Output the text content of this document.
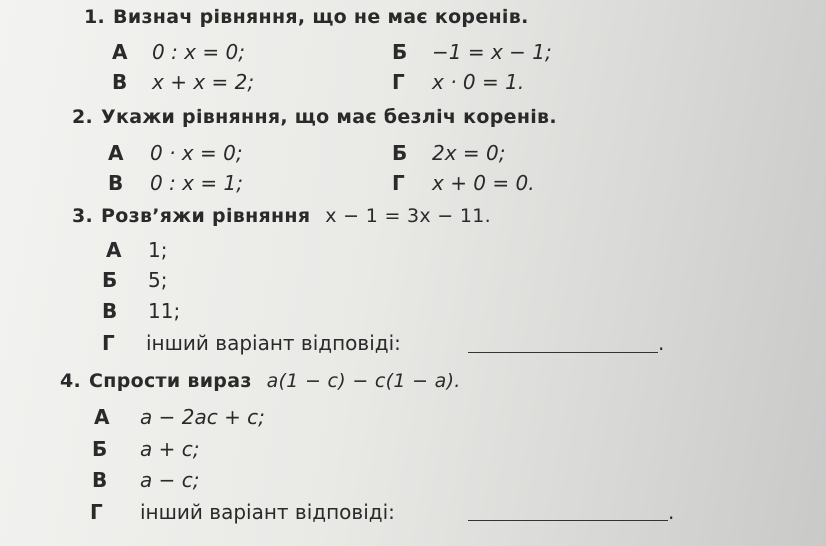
1. Визнач рівняння, що не має коренів.
А 0 : x = 0;	Б −1 = x − 1;
В x + x = 2;	Г x · 0 = 1.
2. Укажи рівняння, що має безліч коренів.
А 0 · x = 0;	Б 2x = 0;
В 0 : x = 1;	Г x + 0 = 0.
3. Розв’яжи рівняння x − 1 = 3x − 11.
А 1;
Б 5;
В 11;
Г інший варіант відповіді:	.
4. Спрости вираз a(1 − c) − c(1 − a).
А a − 2ac + c;
Б a + c;
В a − c;
Г інший варіант відповіді:	.
